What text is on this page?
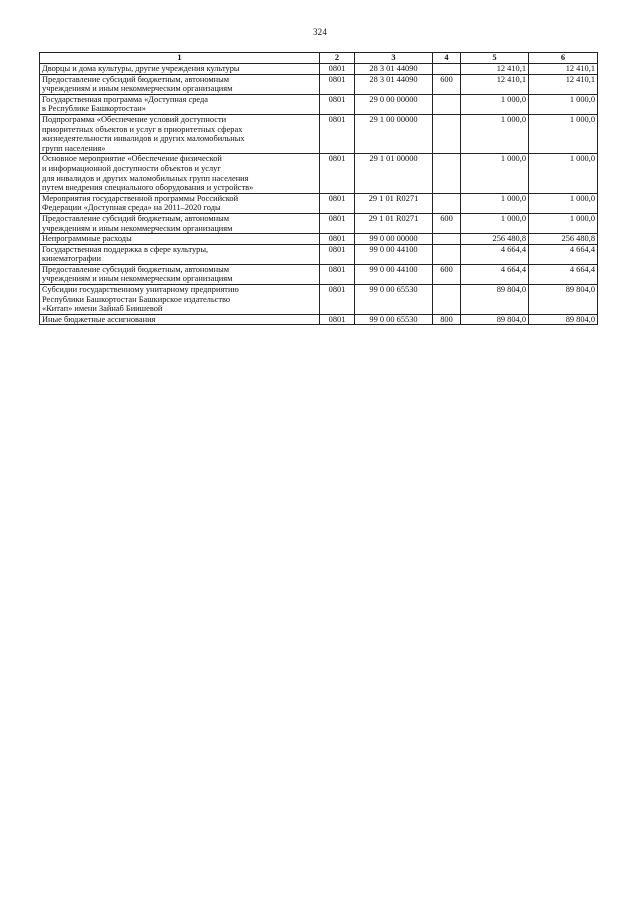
324
1	2	3	4	5	6
Дворцы и дома культуры, другие учреждения культуры	0801	28 3 01 44090		12 410,1	12 410,1
Предоставление субсидий бюджетным, автономным
учреждениям и иным некоммерческим организациям	0801	28 3 01 44090	600	12 410,1	12 410,1
Государственная программа «Доступная среда
в Республике Башкортостан»	0801	29 0 00 00000		1 000,0	1 000,0
Подпрограмма «Обеспечение условий доступности
приоритетных объектов и услуг в приоритетных сферах
жизнедеятельности инвалидов и других маломобильных
групп населения»	0801	29 1 00 00000		1 000,0	1 000,0
Основное мероприятие «Обеспечение физической
и информационной доступности объектов и услуг
для инвалидов и других маломобильных групп населения
путем внедрения специального оборудования и устройств»	0801	29 1 01 00000		1 000,0	1 000,0
Мероприятия государственной программы Российской
Федерации «Доступная среда» на 2011–2020 годы	0801	29 1 01 R0271		1 000,0	1 000,0
Предоставление субсидий бюджетным, автономным
учреждениям и иным некоммерческим организациям	0801	29 1 01 R0271	600	1 000,0	1 000,0
Непрограммные расходы	0801	99 0 00 00000		256 480,8	256 480,8
Государственная поддержка в сфере культуры,
кинематографии	0801	99 0 00 44100		4 664,4	4 664,4
Предоставление субсидий бюджетным, автономным
учреждениям и иным некоммерческим организациям	0801	99 0 00 44100	600	4 664,4	4 664,4
Субсидии государственному унитарному предприятию
Республики Башкортостан Башкирское издательство
«Китап» имени Зайнаб Биишевой	0801	99 0 00 65530		89 804,0	89 804,0
Иные бюджетные ассигнования	0801	99 0 00 65530	800	89 804,0	89 804,0
